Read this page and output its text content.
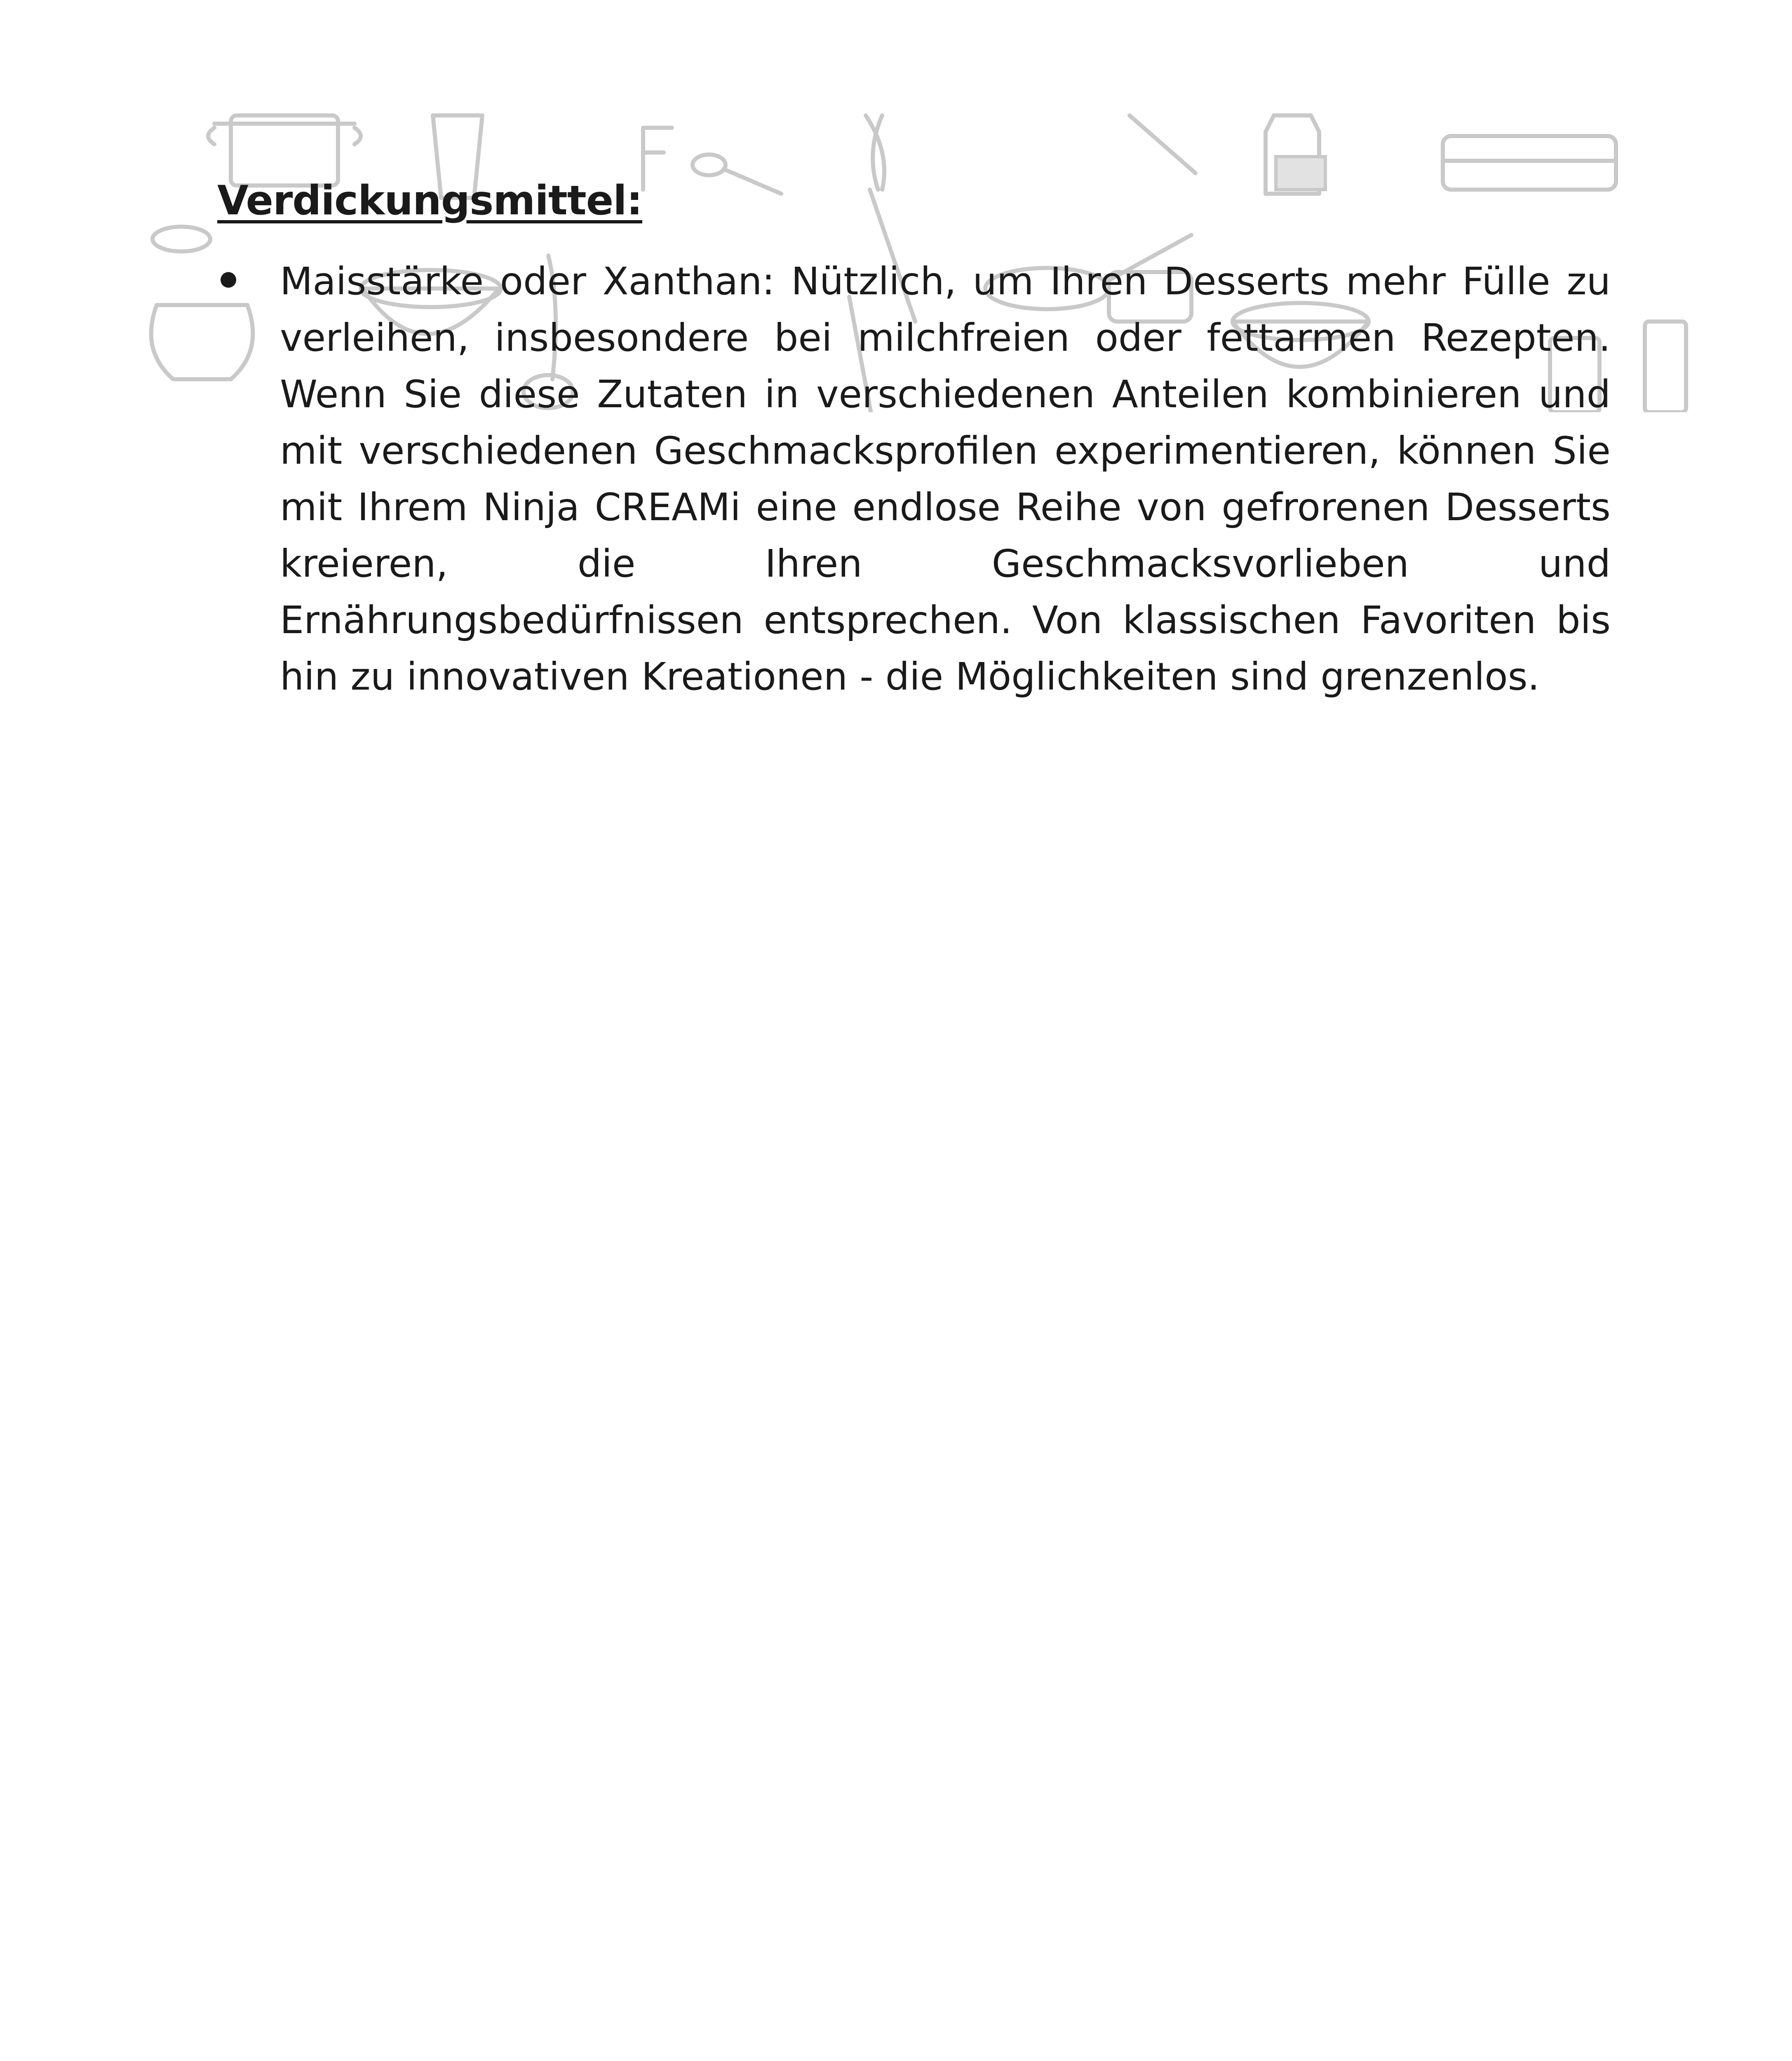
Verdickungsmittel:
Maisstärke oder Xanthan: Nützlich, um Ihren Desserts mehr Fülle zu verleihen, insbesondere bei milchfreien oder fettarmen Rezepten. Wenn Sie diese Zutaten in verschiedenen Anteilen kombinieren und mit verschiedenen Geschmacksprofilen experimentieren, können Sie mit Ihrem Ninja CREAMi eine endlose Reihe von gefrorenen Desserts kreieren, die Ihren Geschmacksvorlieben und Ernährungsbedürfnissen entsprechen. Von klassischen Favoriten bis hin zu innovativen Kreationen - die Möglichkeiten sind grenzenlos.
